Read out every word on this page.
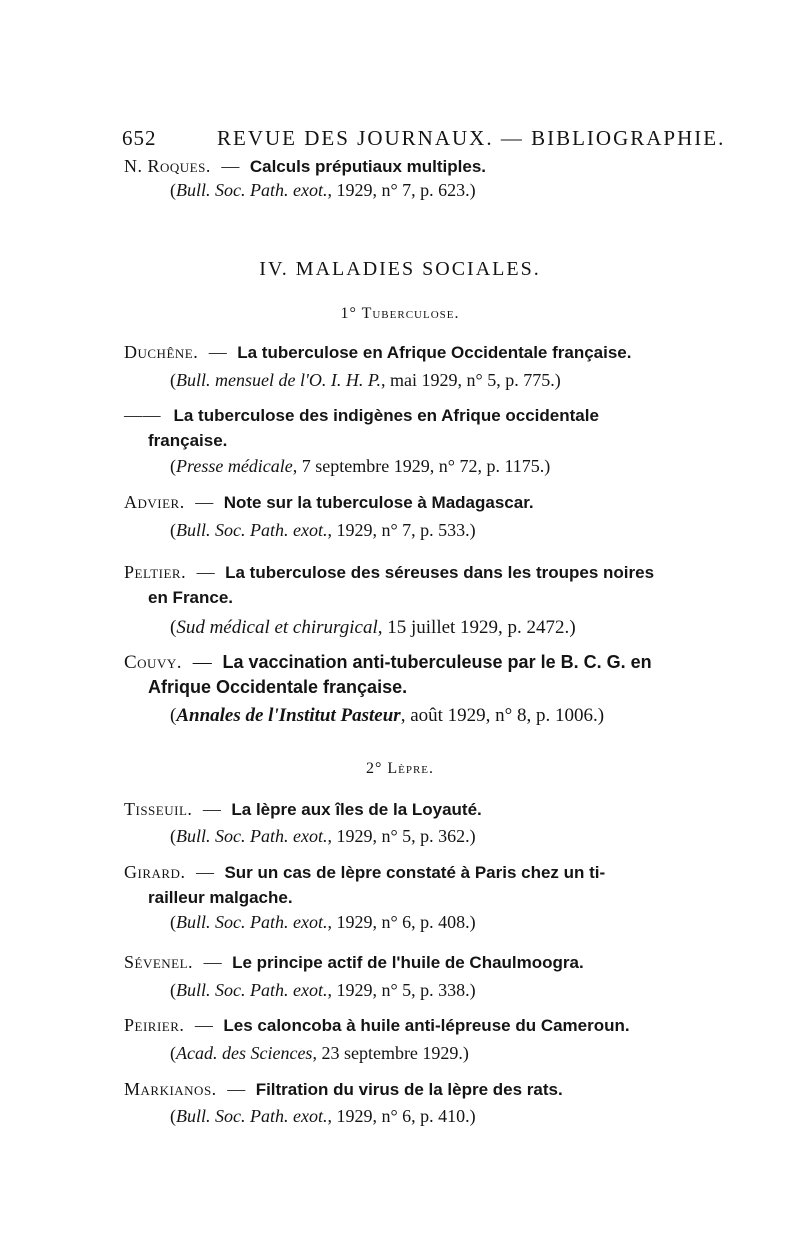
652	REVUE DES JOURNAUX. — BIBLIOGRAPHIE.
N. Roques. — Calculs préputiaux multiples.
(Bull. Soc. Path. exot., 1929, n° 7, p. 623.)
IV. MALADIES SOCIALES.
1° Tuberculose.
Duchêne. — La tuberculose en Afrique Occidentale française.
(Bull. mensuel de l'O. I. H. P., mai 1929, n° 5, p. 775.)
—— La tuberculose des indigènes en Afrique occidentale
française.
(Presse médicale, 7 septembre 1929, n° 72, p. 1175.)
Advier. — Note sur la tuberculose à Madagascar.
(Bull. Soc. Path. exot., 1929, n° 7, p. 533.)
Peltier. — La tuberculose des séreuses dans les troupes noires
en France.
(Sud médical et chirurgical, 15 juillet 1929, p. 2472.)
Couvy. — La vaccination anti-tuberculeuse par le B. C. G. en
Afrique Occidentale française.
(Annales de l'Institut Pasteur, août 1929, n° 8, p. 1006.)
2° Lèpre.
Tisseuil. — La lèpre aux îles de la Loyauté.
(Bull. Soc. Path. exot., 1929, n° 5, p. 362.)
Girard. — Sur un cas de lèpre constaté à Paris chez un ti-
railleur malgache.
(Bull. Soc. Path. exot., 1929, n° 6, p. 408.)
Sévenel. — Le principe actif de l'huile de Chaulmoogra.
(Bull. Soc. Path. exot., 1929, n° 5, p. 338.)
Peirier. — Les caloncoba à huile anti-lépreuse du Cameroun.
(Acad. des Sciences, 23 septembre 1929.)
Markianos. — Filtration du virus de la lèpre des rats.
(Bull. Soc. Path. exot., 1929, n° 6, p. 410.)
